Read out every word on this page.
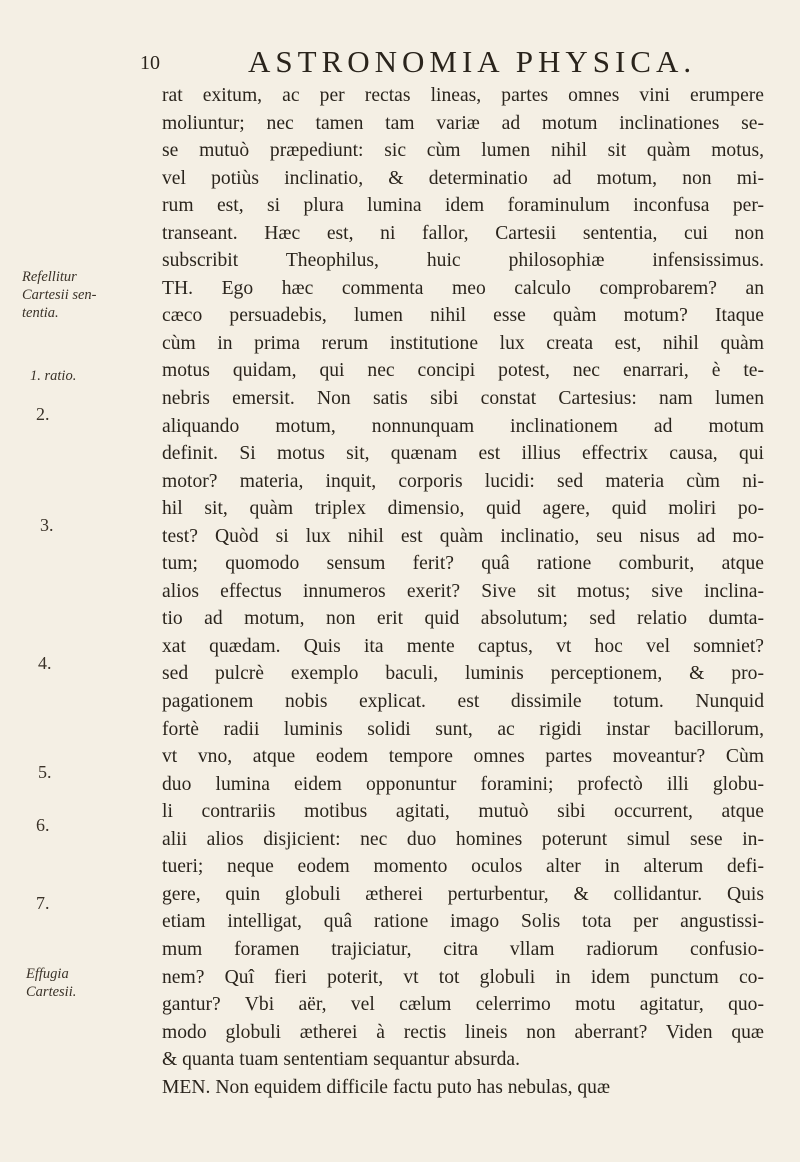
10	ASTRONOMIA PHYSICA.
Refellitur
Cartesii sen-
tentia.
1. ratio.
2.
3.
4.
5.
6.
7.
Effugia
Cartesii.
rat exitum, ac per rectas lineas, partes omnes vini erumpere
moliuntur; nec tamen tam variæ ad motum inclinationes se-
se mutuò præpediunt: sic cùm lumen nihil sit quàm motus,
vel potiùs inclinatio, & determinatio ad motum, non mi-
rum est, si plura lumina idem foraminulum inconfusa per-
transeant. Hæc est, ni fallor, Cartesii sententia, cui non
subscribit Theophilus, huic philosophiæ infensissimus.
TH. Ego hæc commenta meo calculo comprobarem? an
cæco persuadebis, lumen nihil esse quàm motum? Itaque
cùm in prima rerum institutione lux creata est, nihil quàm
motus quidam, qui nec concipi potest, nec enarrari, è te-
nebris emersit. Non satis sibi constat Cartesius: nam lumen
aliquando motum, nonnunquam inclinationem ad motum
definit. Si motus sit, quænam est illius effectrix causa, qui
motor? materia, inquit, corporis lucidi: sed materia cùm ni-
hil sit, quàm triplex dimensio, quid agere, quid moliri po-
test? Quòd si lux nihil est quàm inclinatio, seu nisus ad mo-
tum; quomodo sensum ferit? quâ ratione comburit, atque
alios effectus innumeros exerit? Sive sit motus; sive inclina-
tio ad motum, non erit quid absolutum; sed relatio dumta-
xat quædam. Quis ita mente captus, vt hoc vel somniet?
sed pulcrè exemplo baculi, luminis perceptionem, & pro-
pagationem nobis explicat. est dissimile totum. Nunquid
fortè radii luminis solidi sunt, ac rigidi instar bacillorum,
vt vno, atque eodem tempore omnes partes moveantur? Cùm
duo lumina eidem opponuntur foramini; profectò illi globu-
li contrariis motibus agitati, mutuò sibi occurrent, atque
alii alios disjicient: nec duo homines poterunt simul sese in-
tueri; neque eodem momento oculos alter in alterum defi-
gere, quin globuli ætherei perturbentur, & collidantur. Quis
etiam intelligat, quâ ratione imago Solis tota per angustissi-
mum foramen trajiciatur, citra vllam radiorum confusio-
nem? Quî fieri poterit, vt tot globuli in idem punctum co-
gantur? Vbi aër, vel cælum celerrimo motu agitatur, quo-
modo globuli ætherei à rectis lineis non aberrant? Viden quæ
& quanta tuam sententiam sequantur absurda.
MEN. Non equidem difficile factu puto has nebulas, quæ
